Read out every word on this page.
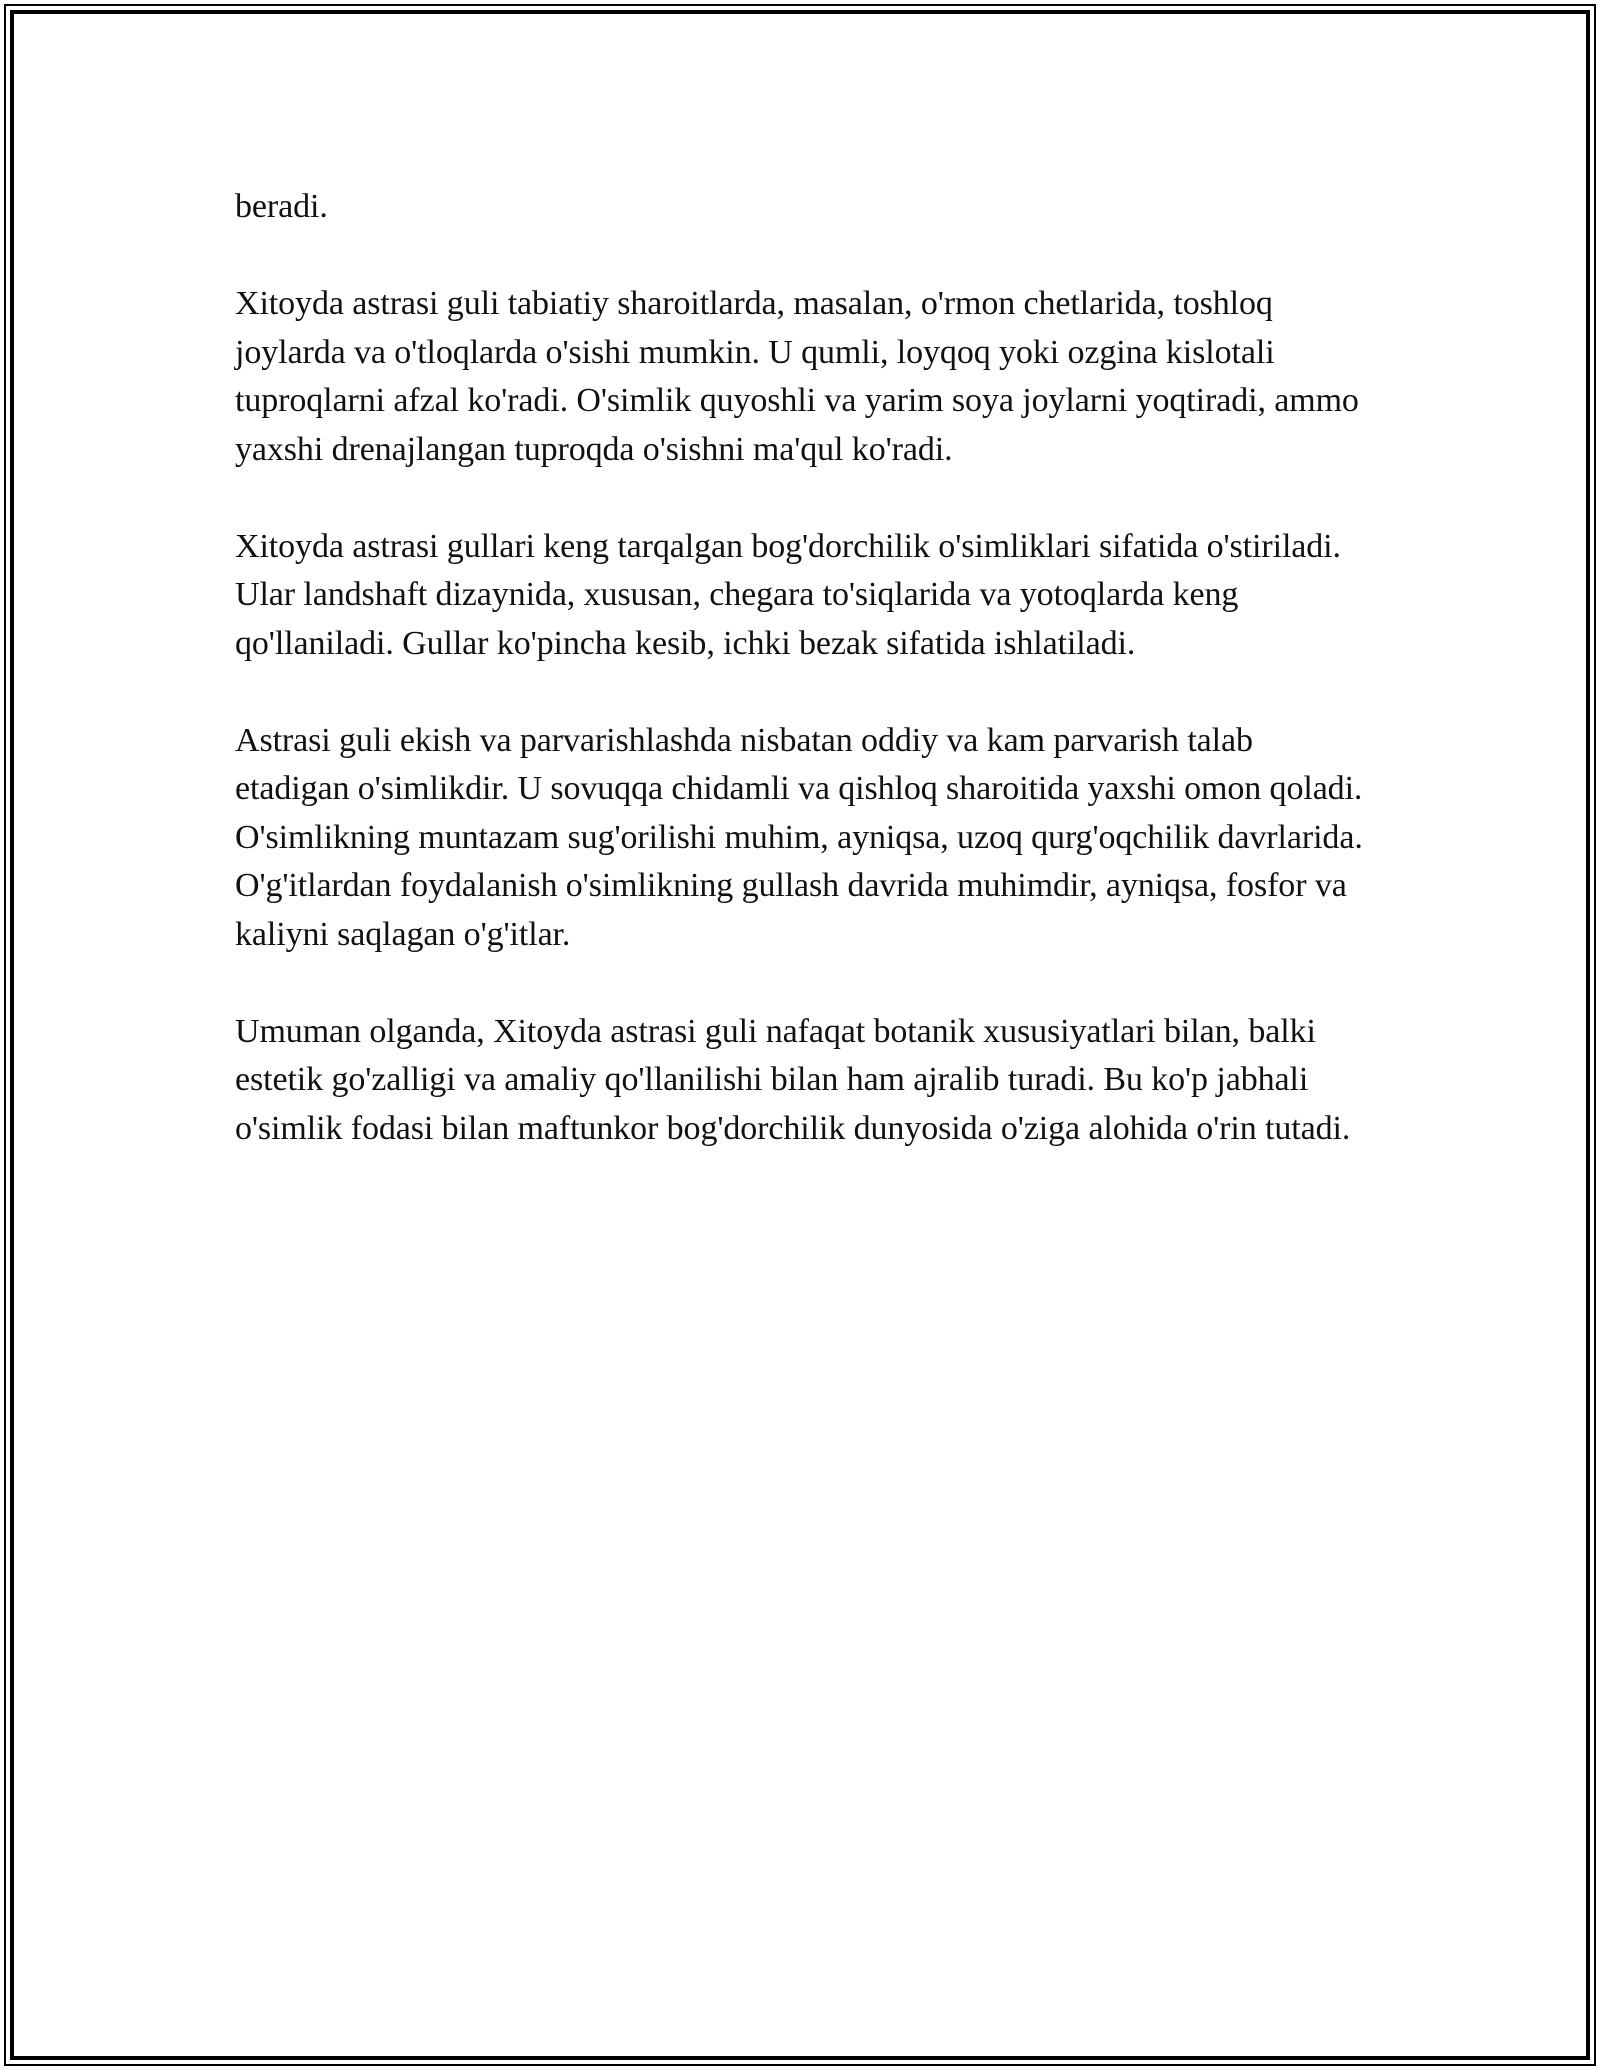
beradi.

Xitoyda astrasi guli tabiatiy sharoitlarda, masalan, o'rmon chetlarida, toshloq joylarda va o'tloqlarda o'sishi mumkin. U qumli, loyqoq yoki ozgina kislotali tuproqlarni afzal ko'radi. O'simlik quyoshli va yarim soya joylarni yoqtiradi, ammo yaxshi drenajlangan tuproqda o'sishni ma'qul ko'radi.

Xitoyda astrasi gullari keng tarqalgan bog'dorchilik o'simliklari sifatida o'stiriladi. Ular landshaft dizaynida, xususan, chegara to'siqlarida va yotoqlarda keng qo'llaniladi. Gullar ko'pincha kesib, ichki bezak sifatida ishlatiladi.

Astrasi guli ekish va parvarishlashda nisbatan oddiy va kam parvarish talab etadigan o'simlikdir. U sovuqqa chidamli va qishloq sharoitida yaxshi omon qoladi. O'simlikning muntazam sug'orilishi muhim, ayniqsa, uzoq qurg'oqchilik davrlarida. O'g'itlardan foydalanish o'simlikning gullash davrida muhimdir, ayniqsa, fosfor va kaliyni saqlagan o'g'itlar.

Umuman olganda, Xitoyda astrasi guli nafaqat botanik xususiyatlari bilan, balki estetik go'zalligi va amaliy qo'llanilishi bilan ham ajralib turadi. Bu ko'p jabhali o'simlik fodasi bilan maftunkor bog'dorchilik dunyosida o'ziga alohida o'rin tutadi.
